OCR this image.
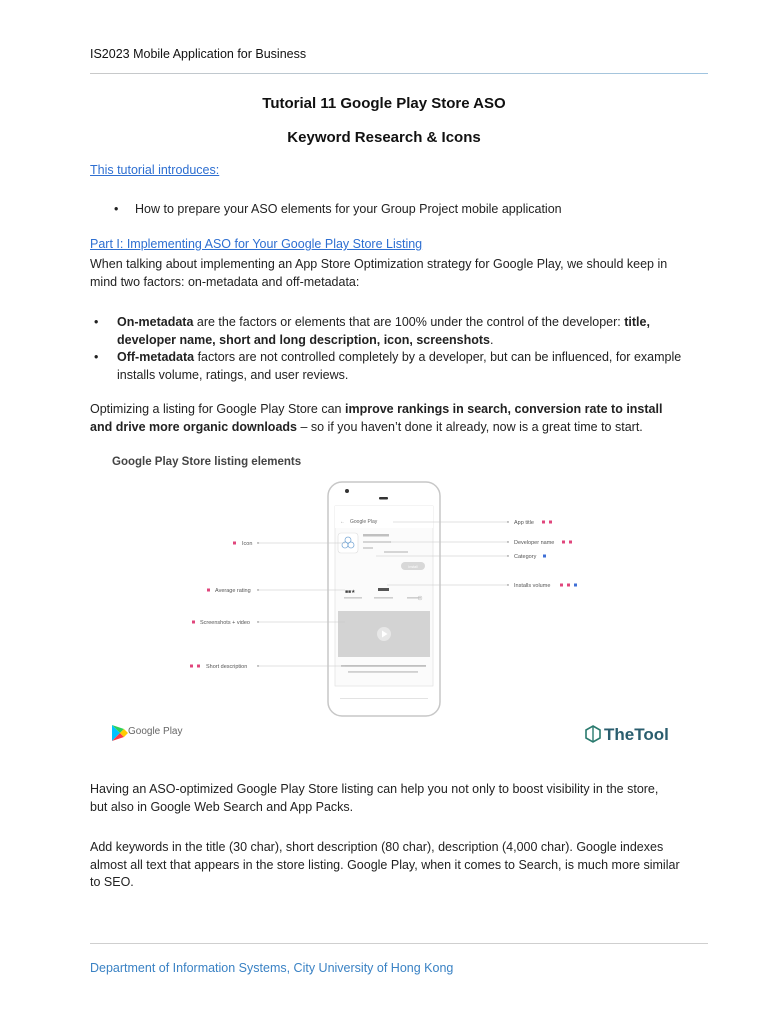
IS2023 Mobile Application for Business
Tutorial 11 Google Play Store ASO
Keyword Research & Icons
This tutorial introduces:
• How to prepare your ASO elements for your Group Project mobile application
Part I: Implementing ASO for Your Google Play Store Listing
When talking about implementing an App Store Optimization strategy for Google Play, we should keep in mind two factors: on-metadata and off-metadata:
• On-metadata are the factors or elements that are 100% under the control of the developer: title, developer name, short and long description, icon, screenshots.
• Off-metadata factors are not controlled completely by a developer, but can be influenced, for example installs volume, ratings, and user reviews.
Optimizing a listing for Google Play Store can improve rankings in search, conversion rate to install and drive more organic downloads – so if you haven’t done it already, now is a great time to start.
Google Play Store listing elements
← Google Play
Install
■■★
Icon
Average rating
Screenshots + video
Short description
App title
Developer name
Category
Installs volume
Google Play	TheTool
Having an ASO-optimized Google Play Store listing can help you not only to boost visibility in the store, but also in Google Web Search and App Packs.
Add keywords in the title (30 char), short description (80 char), description (4,000 char). Google indexes almost all text that appears in the store listing. Google Play, when it comes to Search, is much more similar to SEO.
Department of Information Systems, City University of Hong Kong
